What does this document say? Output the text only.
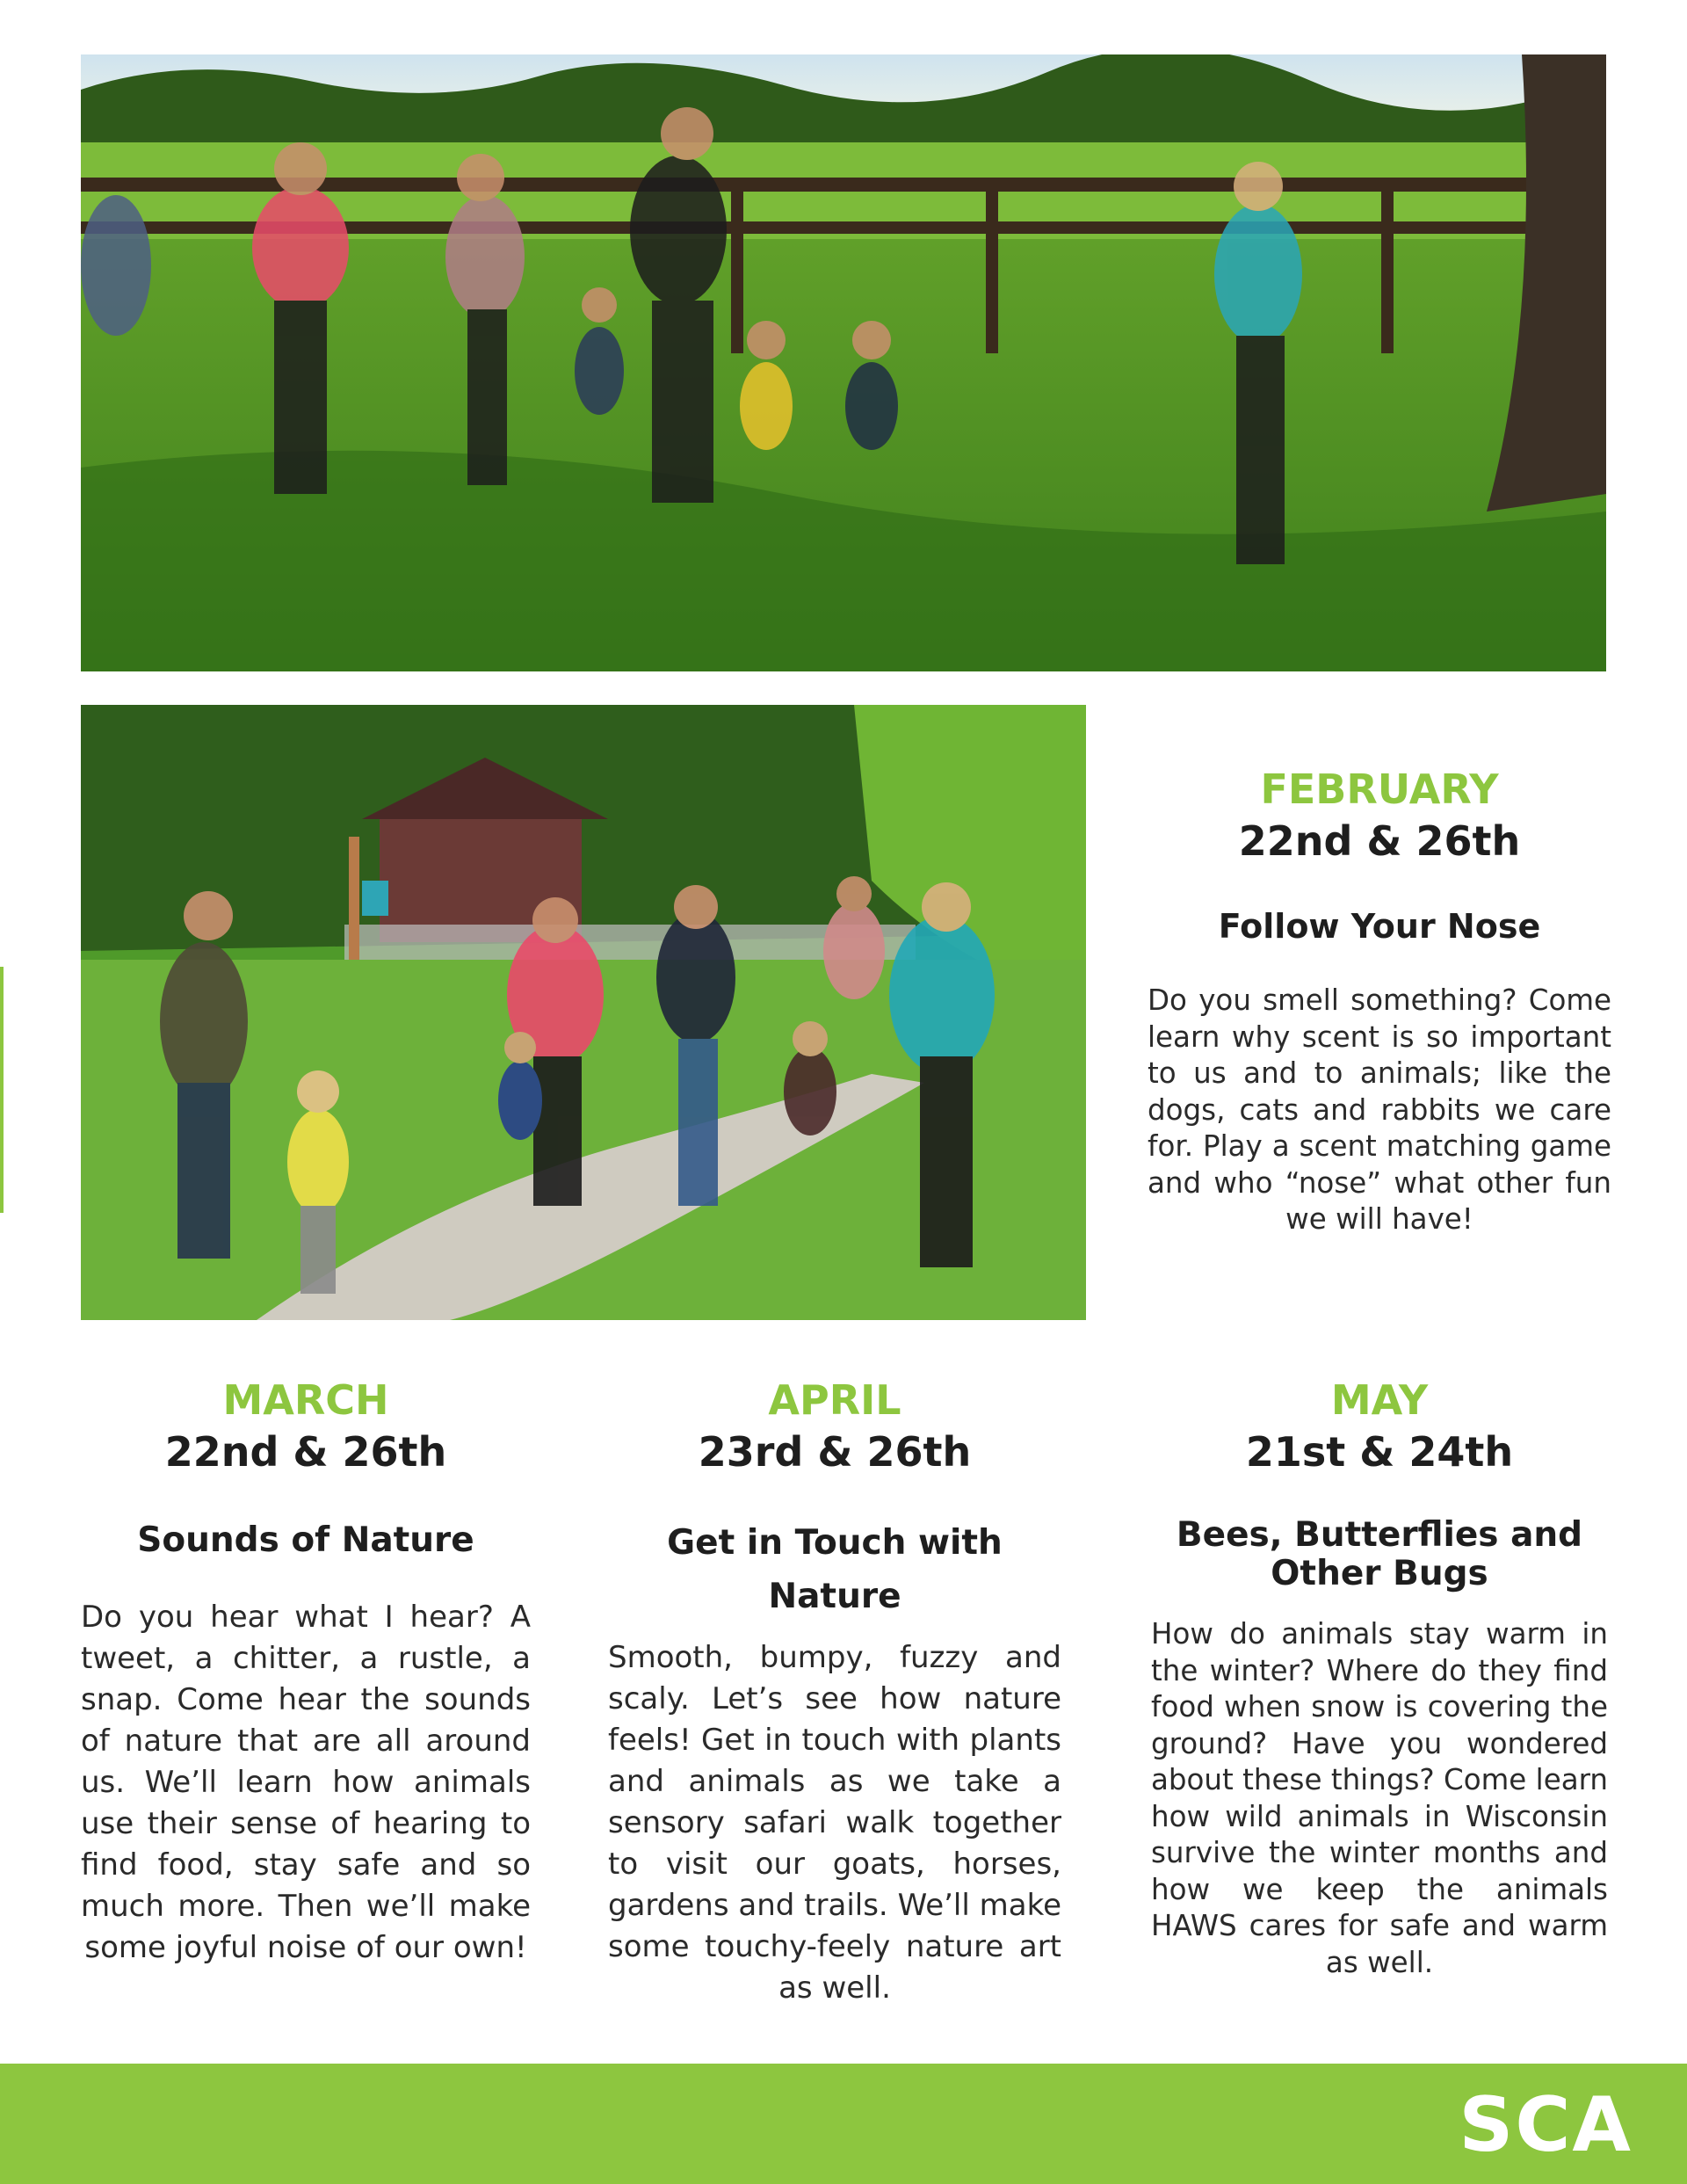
FEBRUARY
22nd & 26th
Follow Your Nose
Do you smell something? Come learn why scent is so important to us and to animals; like the dogs, cats and rabbits we care for. Play a scent matching game and who “nose” what other fun we will have!
MARCH
22nd & 26th
Sounds of Nature
Do you hear what I hear? A tweet, a chitter, a rustle, a snap. Come hear the sounds of nature that are all around us. We’ll learn how animals use their sense of hearing to find food, stay safe and so much more. Then we’ll make some joyful noise of our own!
APRIL
23rd & 26th
Get in Touch with Nature
Smooth, bumpy, fuzzy and scaly. Let’s see how nature feels! Get in touch with plants and animals as we take a sensory safari walk together to visit our goats, horses, gardens and trails. We’ll make some touchy-feely nature art as well.
MAY
21st & 24th
Bees, Butterflies and Other Bugs
How do animals stay warm in the winter? Where do they find food when snow is covering the ground? Have you wondered about these things? Come learn how wild animals in Wisconsin survive the winter months and how we keep the animals HAWS cares for safe and warm as well.
SCA
